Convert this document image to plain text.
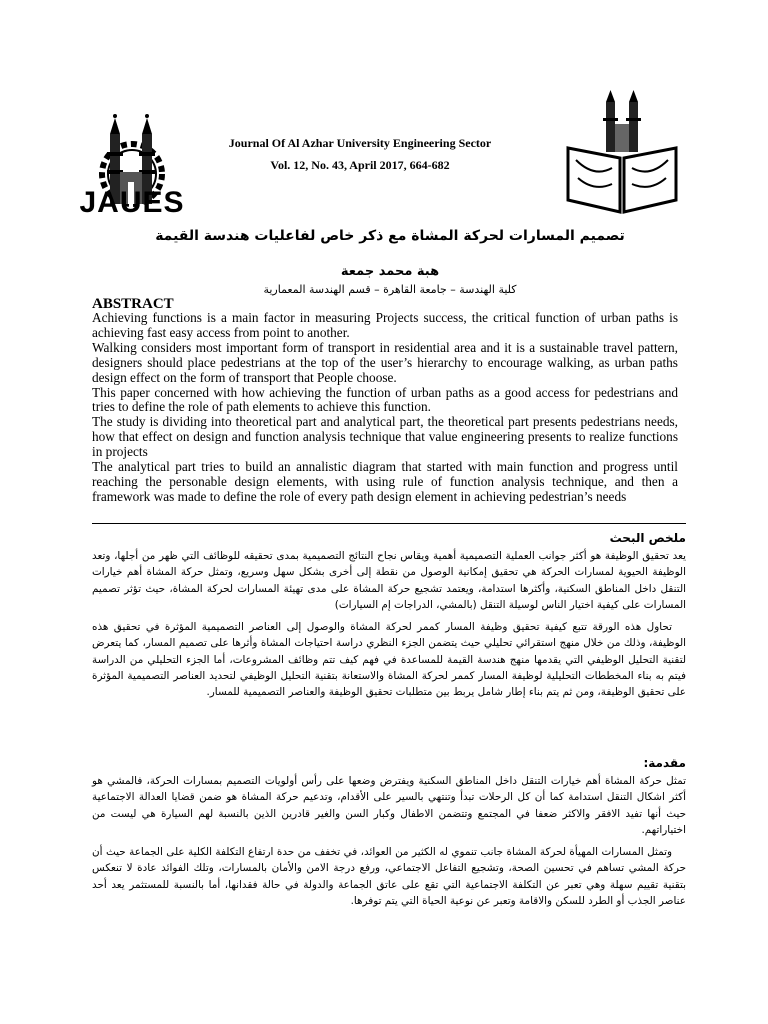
JAUES
Journal Of Al Azhar University Engineering Sector
Vol. 12, No. 43, April 2017, 664-682
تصميم المسارات لحركة المشاة مع ذكر خاص لفاعليات هندسة القيمة
هبة محمد جمعة
كلية الهندسة – جامعة القاهرة – قسم الهندسة المعمارية
ABSTRACT

Achieving functions is a main factor in measuring Projects success, the critical function of urban paths is achieving fast easy access from point to another.

Walking considers most important form of transport in residential area and it is a sustainable travel pattern, designers should place pedestrians at the top of the user’s hierarchy to encourage walking, as urban paths design effect on the form of transport that People choose.

This paper concerned with how achieving the function of urban paths as a good access for pedestrians and tries to define the role of path elements to achieve this function.

The study is dividing into theoretical part and analytical part, the theoretical part presents pedestrians needs, how that effect on design and function analysis technique that value engineering presents to realize functions in projects

The analytical part tries to build an annalistic diagram that started with main function and progress until reaching the personable design elements, with using rule of function analysis technique, and then a framework was made to define the role of every path design element in achieving pedestrian’s needs

ملخص البحث

يعد تحقيق الوظيفة هو أكثر جوانب العملية التصميمية أهمية ويقاس نجاح النتائج التصميمية بمدى تحقيقه للوظائف التي ظهر من أجلها، وتعد الوظيفة الحيوية لمسارات الحركة هي تحقيق إمكانية الوصول من نقطة إلى أخرى بشكل سهل وسريع، وتمثل حركة المشاة أهم خيارات التنقل داخل المناطق السكنية، وأكثرها استدامة، ويعتمد تشجيع حركة المشاة على مدى تهيئة المسارات لحركة المشاة، حيث تؤثر تصميم المسارات على كيفية اختيار الناس لوسيلة التنقل (بالمشي، الدراجات إم السيارات)

تحاول هذه الورقة تتبع كيفية تحقيق وظيفة المسار كممر لحركة المشاة والوصول إلى العناصر التصميمية المؤثرة في تحقيق هذه الوظيفة، وذلك من خلال منهج استقرائي تحليلي حيث يتضمن الجزء النظري دراسة احتياجات المشاة وأثرها على تصميم المسار، كما يتعرض لتقنية التحليل الوظيفي التي يقدمها منهج هندسة القيمة للمساعدة في فهم كيف تتم وظائف المشروعات، أما الجزء التحليلي من الدراسة فيتم به بناء المخططات التحليلية لوظيفة المسار كممر لحركة المشاة والاستعانة بتقنية التحليل الوظيفي لتحديد العناصر التصميمية المؤثرة على تحقيق الوظيفة، ومن ثم يتم بناء إطار شامل يربط بين متطلبات تحقيق الوظيفة والعناصر التصميمية للمسار.

مقدمة:

تمثل حركة المشاة أهم خيارات التنقل داخل المناطق السكنية ويفترض وضعها على رأس أولويات التصميم بمسارات الحركة، فالمشي هو أكثر اشكال التنقل استدامة كما أن كل الرحلات تبدأ وتنتهي بالسير على الأقدام، وتدعيم حركة المشاة هو ضمن قضايا العدالة الاجتماعية حيث أنها تفيد الافقر والاكثر ضعفا في المجتمع وتتضمن الاطفال وكبار السن والغير قادرين الذين بالنسبة لهم السيارة هي ليست من اختياراتهم.

وتمثل المسارات المهيأة لحركة المشاة جانب تنموي له الكثير من العوائد، في تخفف من حدة ارتفاع التكلفة الكلية على الجماعة حيث أن حركة المشي تساهم في تحسين الصحة، وتشجيع التفاعل الاجتماعي، ورفع درجة الامن والأمان بالمسارات، وتلك الفوائد عادة لا تنعكس بتقنية تقييم سهلة وهي تعبر عن التكلفة الاجتماعية التي تقع على عاتق الجماعة والدولة في حالة فقدانها، أما بالنسبة للمستثمر يعد أحد عناصر الجذب أو الطرد للسكن والاقامة وتعبر عن نوعية الحياة التي يتم توفرها.
